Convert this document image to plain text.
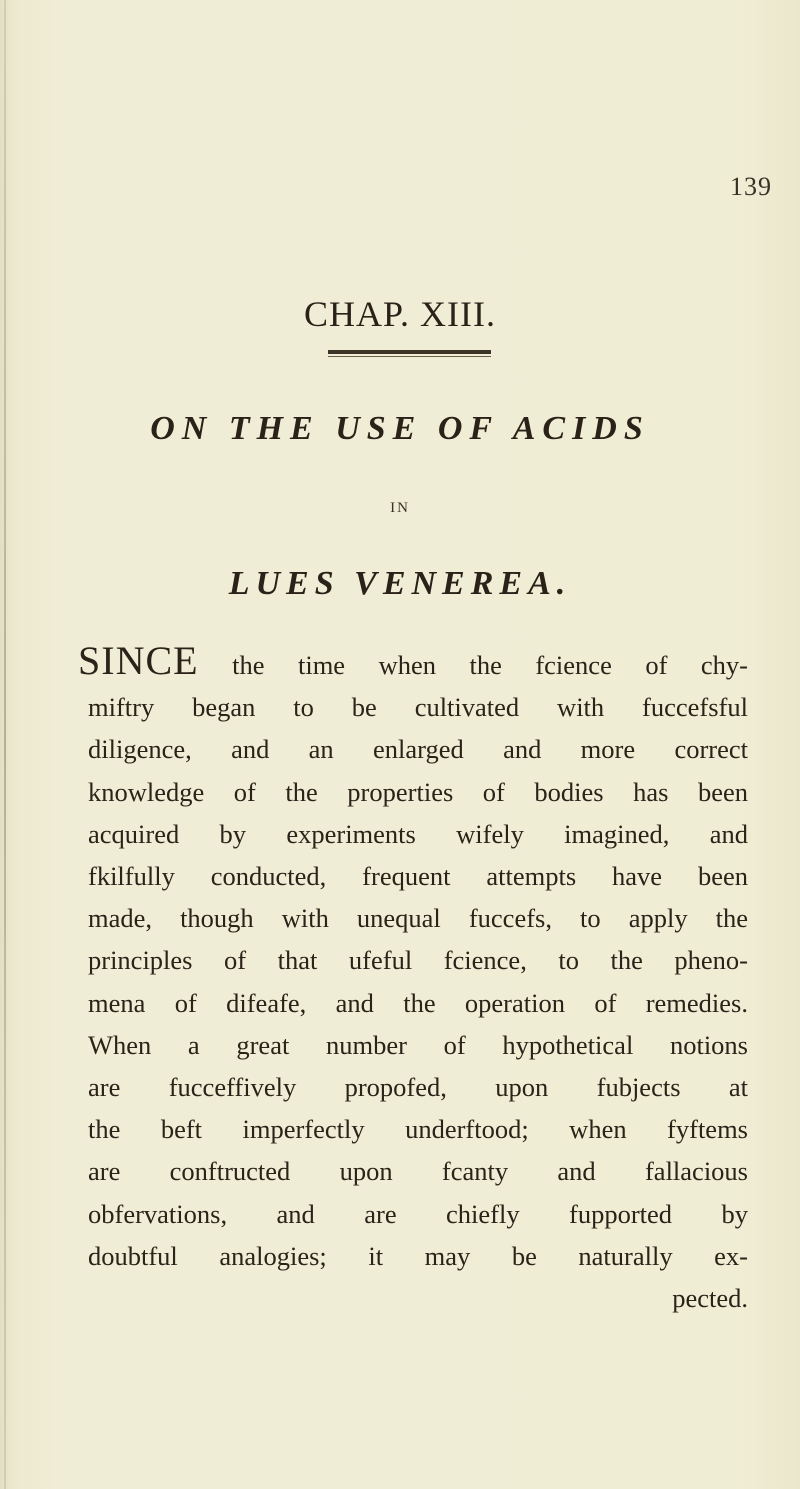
139
CHAP. XIII.
ON THE USE OF ACIDS
IN
LUES VENEREA.
SINCE the time when the fcience of chy-
miftry began to be cultivated with fuccefsful
diligence, and an enlarged and more correct
knowledge of the properties of bodies has been
acquired by experiments wifely imagined, and
fkilfully conducted, frequent attempts have been
made, though with unequal fuccefs, to apply the
principles of that ufeful fcience, to the pheno-
mena of difeafe, and the operation of remedies.
When a great number of hypothetical notions
are fucceffively propofed, upon fubjects at
the beft imperfectly underftood; when fyftems
are conftructed upon fcanty and fallacious
obfervations, and are chiefly fupported by
doubtful analogies; it may be naturally ex-
pected.
